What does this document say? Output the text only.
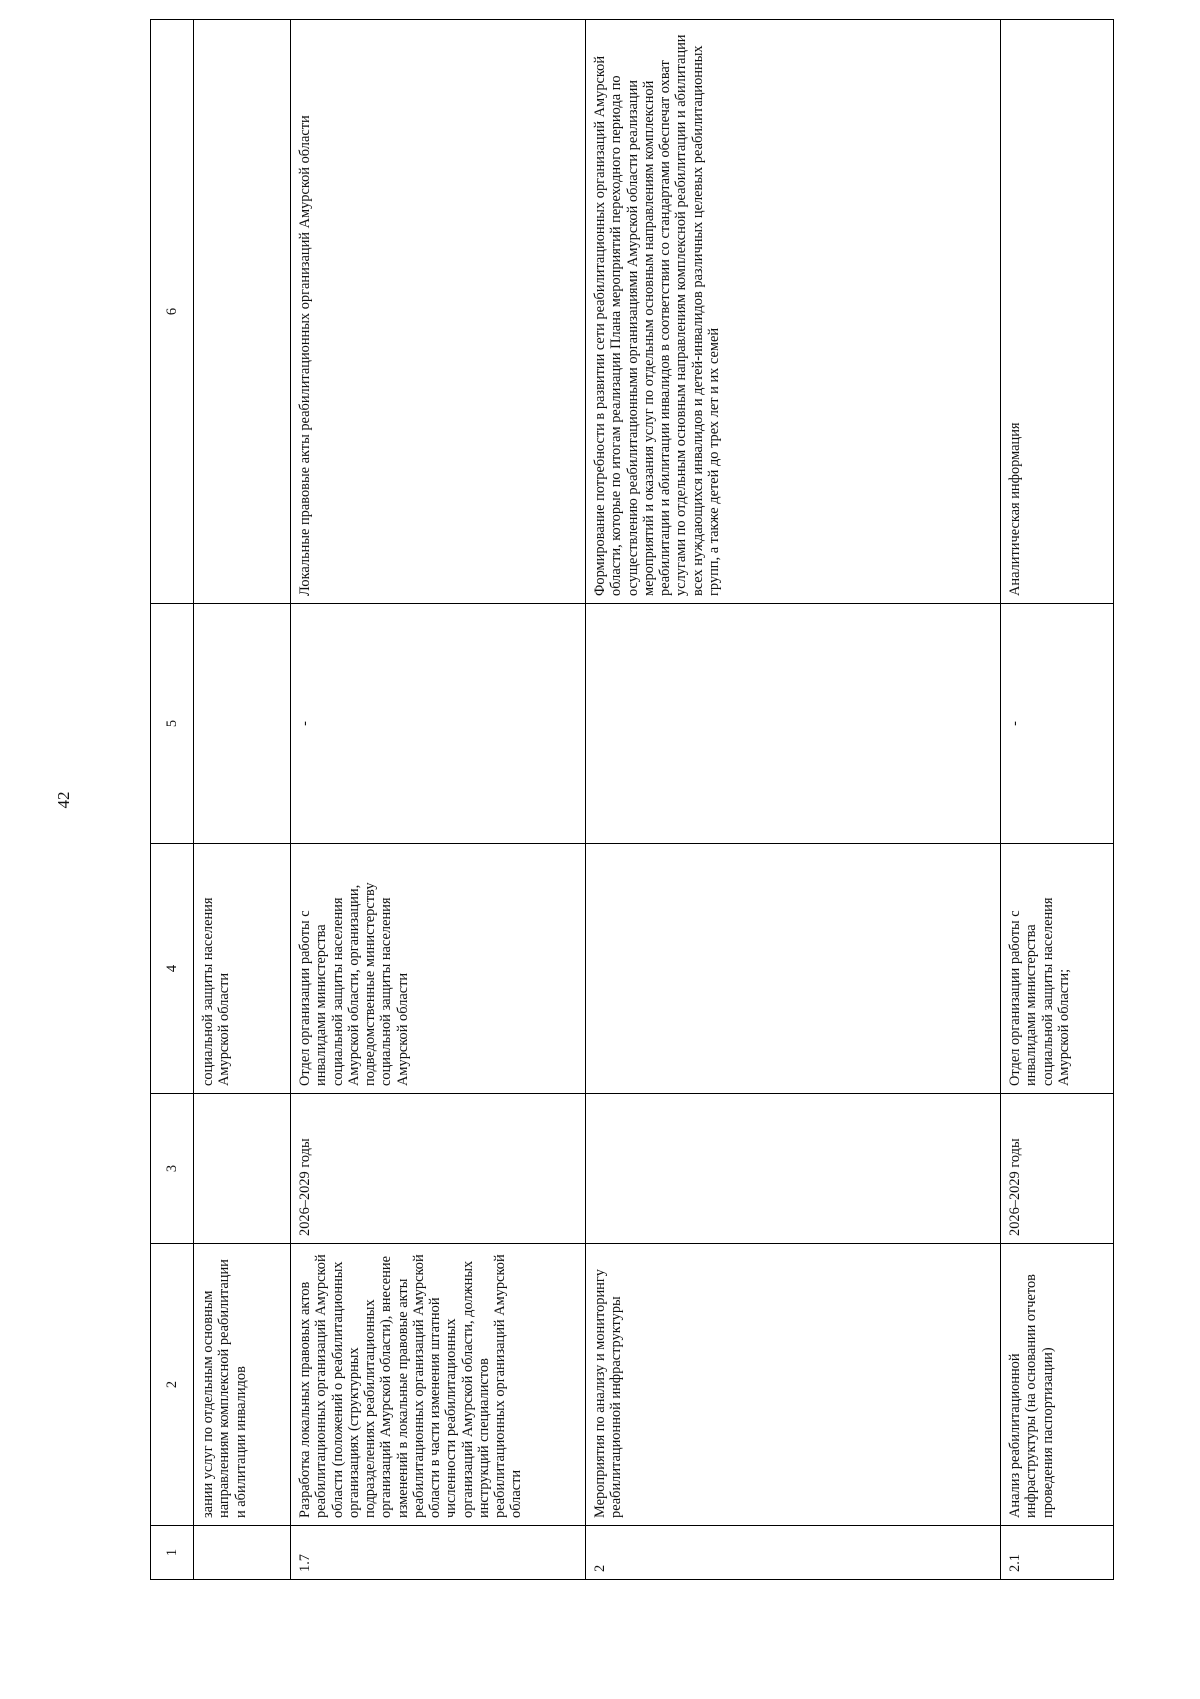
42
1	2	3	4	5	6
	зании услуг по отдельным основным направлениям комплексной реабилитации и абилитации инвалидов		социальной защиты населения Амурской области		
1.7	Разработка локальных правовых актов реабилитационных организаций Амурской области (положений о реабилитационных организациях (структурных подразделениях реабилитационных организаций Амурской области), внесение изменений в локальные правовые акты реабилитационных организаций Амурской области в части изменения штатной численности реабилитационных организаций Амурской области, должных инструкций специалистов реабилитационных организаций Амурской области	2026–2029 годы	Отдел организации работы с инвалидами министерства социальной защиты населения Амурской области, организации, подведомственные министерству социальной защиты населения Амурской области	-	Локальные правовые акты реабилитационных организаций Амурской области
2	Мероприятия по анализу и мониторингу реабилитационной инфраструктуры				Формирование потребности в развитии сети реабилитационных организаций Амурской области, которые по итогам реализации Плана мероприятий переходного периода по осуществлению реабилитационными организациями Амурской области реализации мероприятий и оказания услуг по отдельным основным направлениям комплексной реабилитации и абилитации инвалидов в соответствии со стандартами обеспечат охват услугами по отдельным основным направлениям комплексной реабилитации и абилитации всех нуждающихся инвалидов и детей-инвалидов различных целевых реабилитационных групп, а также детей до трех лет и их семей
2.1	Анализ реабилитационной инфраструктуры (на основании отчетов проведения паспортизации)	2026–2029 годы	Отдел организации работы с инвалидами министерства социальной защиты населения Амурской области;	-	Аналитическая информация
